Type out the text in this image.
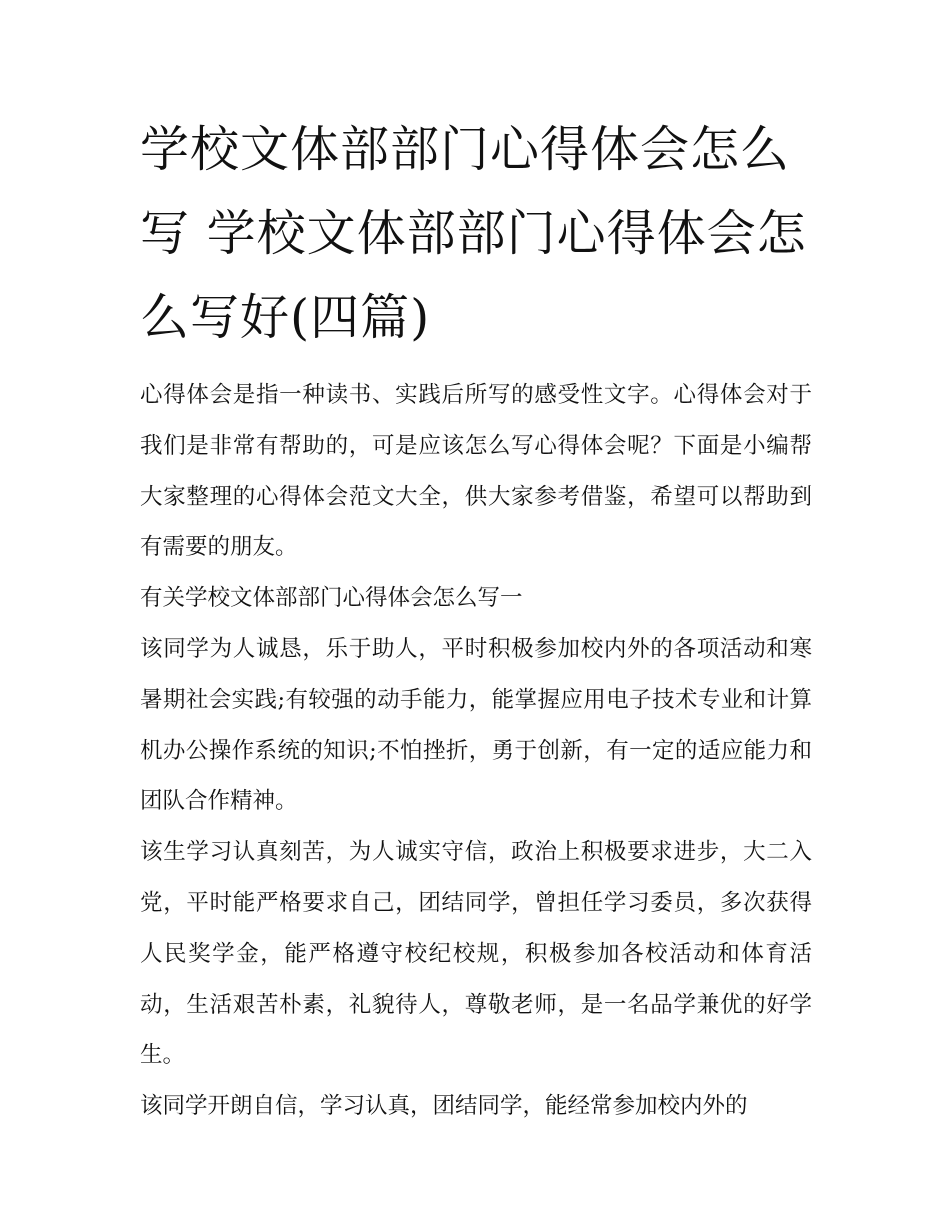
学校文体部部门心得体会怎么写 学校文体部部门心得体会怎么写好(四篇)

心得体会是指一种读书、实践后所写的感受性文字。心得体会对于我们是非常有帮助的，可是应该怎么写心得体会呢？下面是小编帮大家整理的心得体会范文大全，供大家参考借鉴，希望可以帮助到有需要的朋友。

有关学校文体部部门心得体会怎么写一

该同学为人诚恳，乐于助人，平时积极参加校内外的各项活动和寒暑期社会实践;有较强的动手能力，能掌握应用电子技术专业和计算机办公操作系统的知识;不怕挫折，勇于创新，有一定的适应能力和团队合作精神。

该生学习认真刻苦，为人诚实守信，政治上积极要求进步，大二入党，平时能严格要求自己，团结同学，曾担任学习委员，多次获得人民奖学金，能严格遵守校纪校规，积极参加各校活动和体育活动，生活艰苦朴素，礼貌待人，尊敬老师，是一名品学兼优的好学生。

该同学开朗自信，学习认真，团结同学，能经常参加校内外的
